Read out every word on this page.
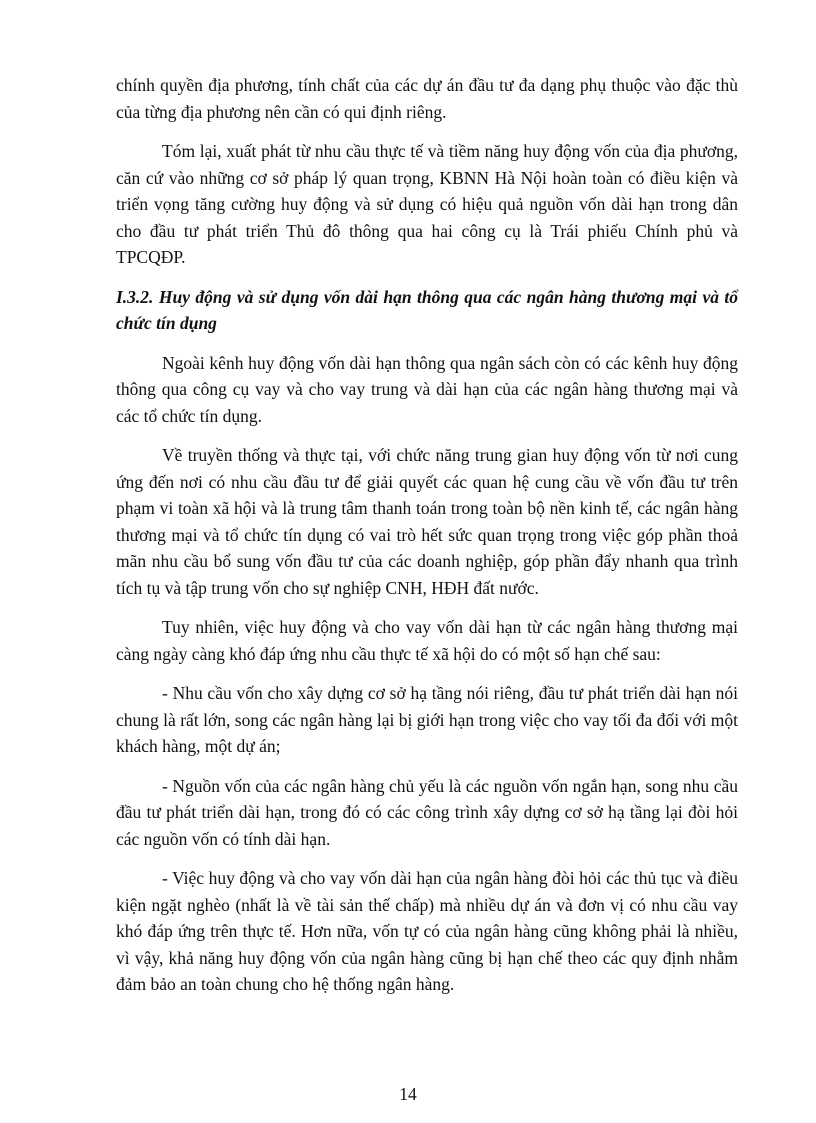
chính quyền địa phương, tính chất của các dự án đầu tư đa dạng phụ thuộc vào đặc thù của từng địa phương nên cần có qui định riêng.

Tóm lại, xuất phát từ nhu cầu thực tế và tiềm năng huy động vốn của địa phương, căn cứ vào những cơ sở pháp lý quan trọng, KBNN Hà Nội hoàn toàn có điều kiện và triển vọng tăng cường huy động và sử dụng có hiệu quả nguồn vốn dài hạn trong dân cho đầu tư phát triển Thủ đô thông qua hai công cụ là Trái phiếu Chính phủ và TPCQĐP.

I.3.2. Huy động và sử dụng vốn dài hạn thông qua các ngân hàng thương mại và tổ chức tín dụng

Ngoài kênh huy động vốn dài hạn thông qua ngân sách còn có các kênh huy động thông qua công cụ vay và cho vay trung và dài hạn của các ngân hàng thương mại và các tổ chức tín dụng.

Về truyền thống và thực tại, với chức năng trung gian huy động vốn từ nơi cung ứng đến nơi có nhu cầu đầu tư để giải quyết các quan hệ cung cầu về vốn đầu tư trên phạm vi toàn xã hội và là trung tâm thanh toán trong toàn bộ nền kinh tế, các ngân hàng thương mại và tổ chức tín dụng có vai trò hết sức quan trọng trong việc góp phần thoả mãn nhu cầu bổ sung vốn đầu tư của các doanh nghiệp, góp phần đẩy nhanh qua trình tích tụ và tập trung vốn cho sự nghiệp CNH, HĐH đất nước.

Tuy nhiên, việc huy động và cho vay vốn dài hạn từ các ngân hàng thương mại càng ngày càng khó đáp ứng nhu cầu thực tế xã hội do có một số hạn chế sau:

- Nhu cầu vốn cho xây dựng cơ sở hạ tầng nói riêng, đầu tư phát triển dài hạn nói chung là rất lớn, song các ngân hàng lại bị giới hạn trong việc cho vay tối đa đối với một khách hàng, một dự án;

- Nguồn vốn của các ngân hàng chủ yếu là các nguồn vốn ngắn hạn, song nhu cầu đầu tư phát triển dài hạn, trong đó có các công trình xây dựng cơ sở hạ tầng lại đòi hỏi các nguồn vốn có tính dài hạn.

- Việc huy động và cho vay vốn dài hạn của ngân hàng đòi hỏi các thủ tục và điều kiện ngặt nghèo (nhất là về tài sản thế chấp) mà nhiều dự án và đơn vị có nhu cầu vay khó đáp ứng trên thực tế. Hơn nữa, vốn tự có của ngân hàng cũng không phải là nhiều, vì vậy, khả năng huy động vốn của ngân hàng cũng bị hạn chế theo các quy định nhằm đảm bảo an toàn chung cho hệ thống ngân hàng.

14
